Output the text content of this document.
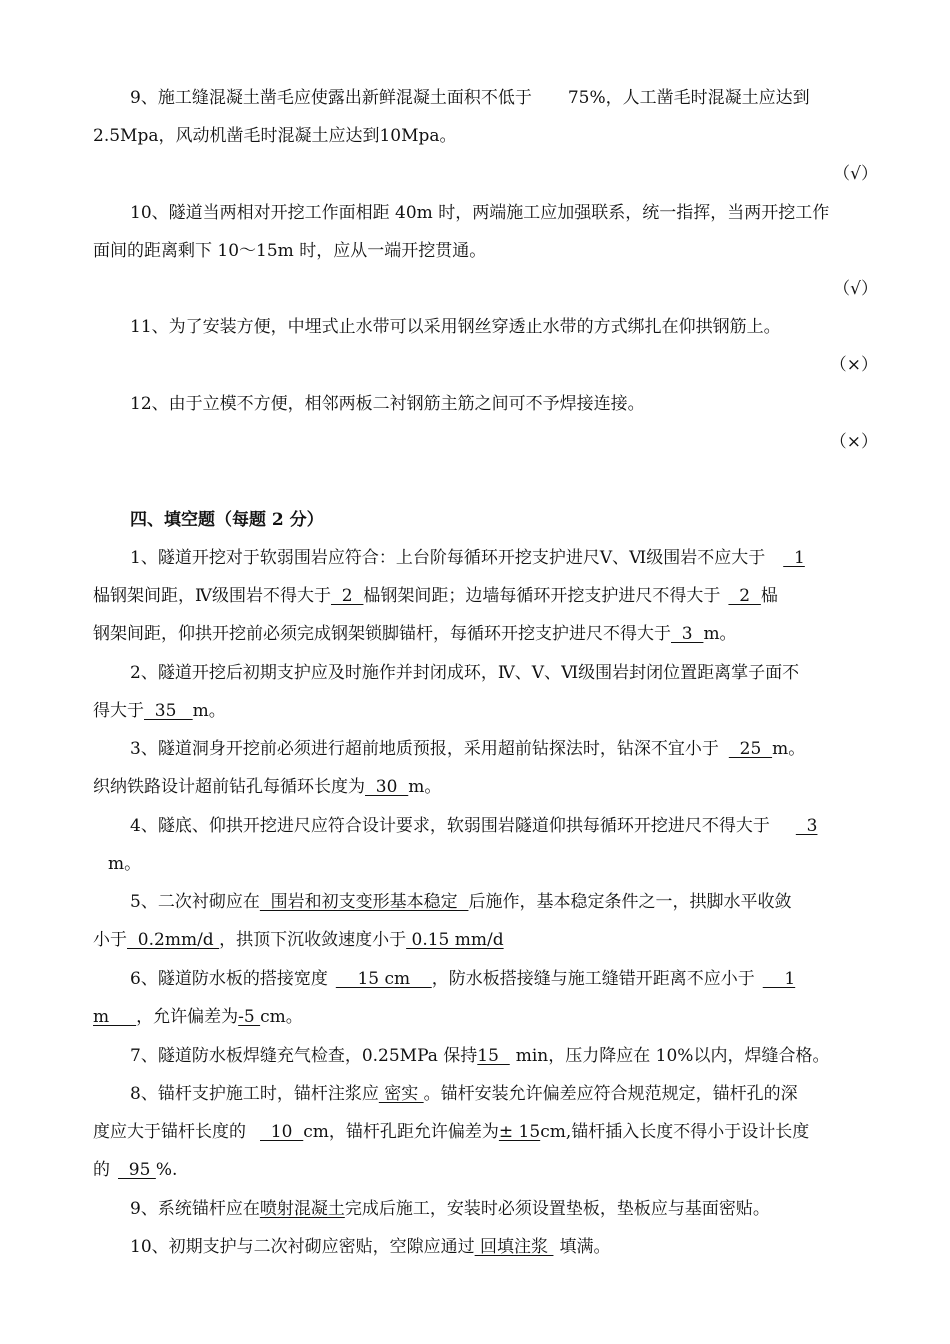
9、施工缝混凝土凿毛应使露出新鲜混凝土面积不低于 75%，人工凿毛时混凝土应达到
2.5Mpa，风动机凿毛时混凝土应达到10Mpa。
（√）
10、隧道当两相对开挖工作面相距 40m 时，两端施工应加强联系，统一指挥，当两开挖工作
面间的距离剩下 10～15m 时，应从一端开挖贯通。
（√）
11、为了安装方便，中埋式止水带可以采用钢丝穿透止水带的方式绑扎在仰拱钢筋上。
（×）
12、由于立模不方便，相邻两板二衬钢筋主筋之间可不予焊接连接。
（×）
四、填空题（每题 2 分）
1、隧道开挖对于软弱围岩应符合：上台阶每循环开挖支护进尺Ⅴ、Ⅵ级围岩不应大于  1
榀钢架间距，Ⅳ级围岩不得大于  2  榀钢架间距；边墙每循环开挖支护进尺不得大于  2  榀
钢架间距，仰拱开挖前必须完成钢架锁脚锚杆，每循环开挖支护进尺不得大于  3  m。
2、隧道开挖后初期支护应及时施作并封闭成环，Ⅳ、Ⅴ、Ⅵ级围岩封闭位置距离掌子面不
得大于  35   m。
3、隧道洞身开挖前必须进行超前地质预报，采用超前钻探法时，钻深不宜小于  25  m。
织纳铁路设计超前钻孔每循环长度为  30  m。
4、隧底、仰拱开挖进尺应符合设计要求，软弱围岩隧道仰拱每循环开挖进尺不得大于  3
m。
5、二次衬砌应在  围岩和初支变形基本稳定  后施作，基本稳定条件之一，拱脚水平收敛
小于  0.2mm/d ，拱顶下沉收敛速度小于 0.15 mm/d
6、隧道防水板的搭接宽度    15 cm    ，防水板搭接缝与施工缝错开距离不应小于    1
m     ，允许偏差为-5 cm。
7、隧道防水板焊缝充气检查，0.25MPa 保持15  min，压力降应在 10%以内，焊缝合格。
8、锚杆支护施工时，锚杆注浆应 密实 。锚杆安装允许偏差应符合规范规定，锚杆孔的深
度应大于锚杆长度的  10  cm，锚杆孔距允许偏差为± 15cm,锚杆插入长度不得小于设计长度
的  95 %.
9、系统锚杆应在喷射混凝土完成后施工，安装时必须设置垫板，垫板应与基面密贴。
10、初期支护与二次衬砌应密贴，空隙应通过 回填注浆 填满。
